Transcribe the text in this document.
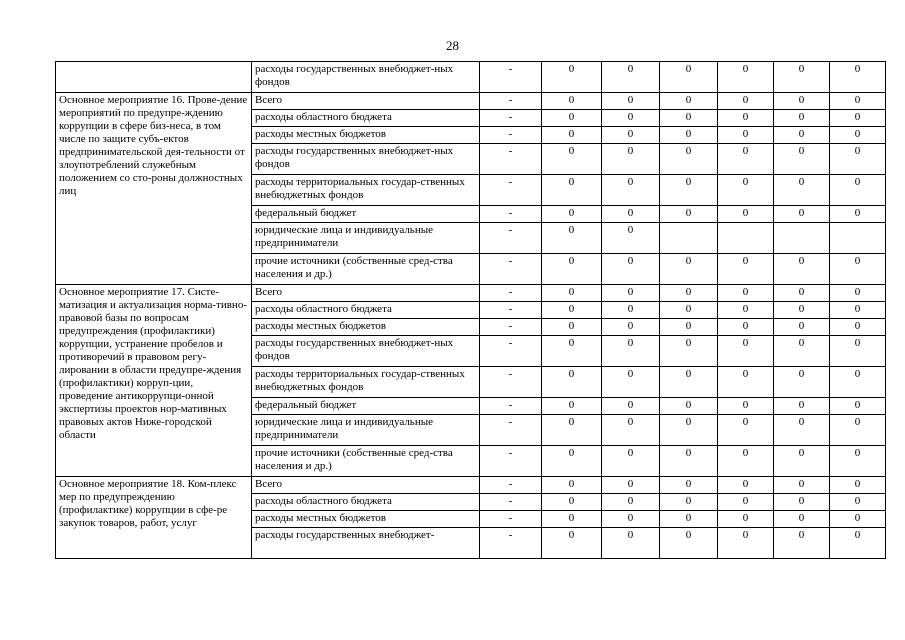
28
	расходы государственных внебюджет-ных фондов	-	0	0	0	0	0	0
Основное мероприятие 16. Прове-дение мероприятий по предупре-ждению коррупции в сфере биз-неса, в том числе по защите субъ-ектов предпринимательской дея-тельности от злоупотреблений служебным положением со сто-роны должностных лиц	Всего	-	0	0	0	0	0	0
	расходы областного бюджета	-	0	0	0	0	0	0
	расходы местных бюджетов	-	0	0	0	0	0	0
	расходы государственных внебюджет-ных фондов	-	0	0	0	0	0	0
	расходы территориальных государ-ственных внебюджетных фондов	-	0	0	0	0	0	0
	федеральный бюджет	-	0	0	0	0	0	0
	юридические лица и индивидуальные предприниматели	-	0	0				
	прочие источники (собственные сред-ства населения и др.)	-	0	0	0	0	0	0
Основное мероприятие 17. Систе-матизация и актуализация норма-тивно-правовой базы по вопросам предупреждения (профилактики) коррупции, устранение пробелов и противоречий в правовом регу-лировании в области предупре-ждения (профилактики) корруп-ции, проведение антикоррупци-онной экспертизы проектов нор-мативных правовых актов Ниже-городской области	Всего	-	0	0	0	0	0	0
	расходы областного бюджета	-	0	0	0	0	0	0
	расходы местных бюджетов	-	0	0	0	0	0	0
	расходы государственных внебюджет-ных фондов	-	0	0	0	0	0	0
	расходы территориальных государ-ственных внебюджетных фондов	-	0	0	0	0	0	0
	федеральный бюджет	-	0	0	0	0	0	0
	юридические лица и индивидуальные предприниматели	-	0	0	0	0	0	0
	прочие источники (собственные сред-ства населения и др.)	-	0	0	0	0	0	0
Основное мероприятие 18. Ком-плекс мер по предупреждению (профилактике) коррупции в сфе-ре закупок товаров, работ, услуг	Всего	-	0	0	0	0	0	0
	расходы областного бюджета	-	0	0	0	0	0	0
	расходы местных бюджетов	-	0	0	0	0	0	0
	расходы государственных внебюджет-	-	0	0	0	0	0	0
